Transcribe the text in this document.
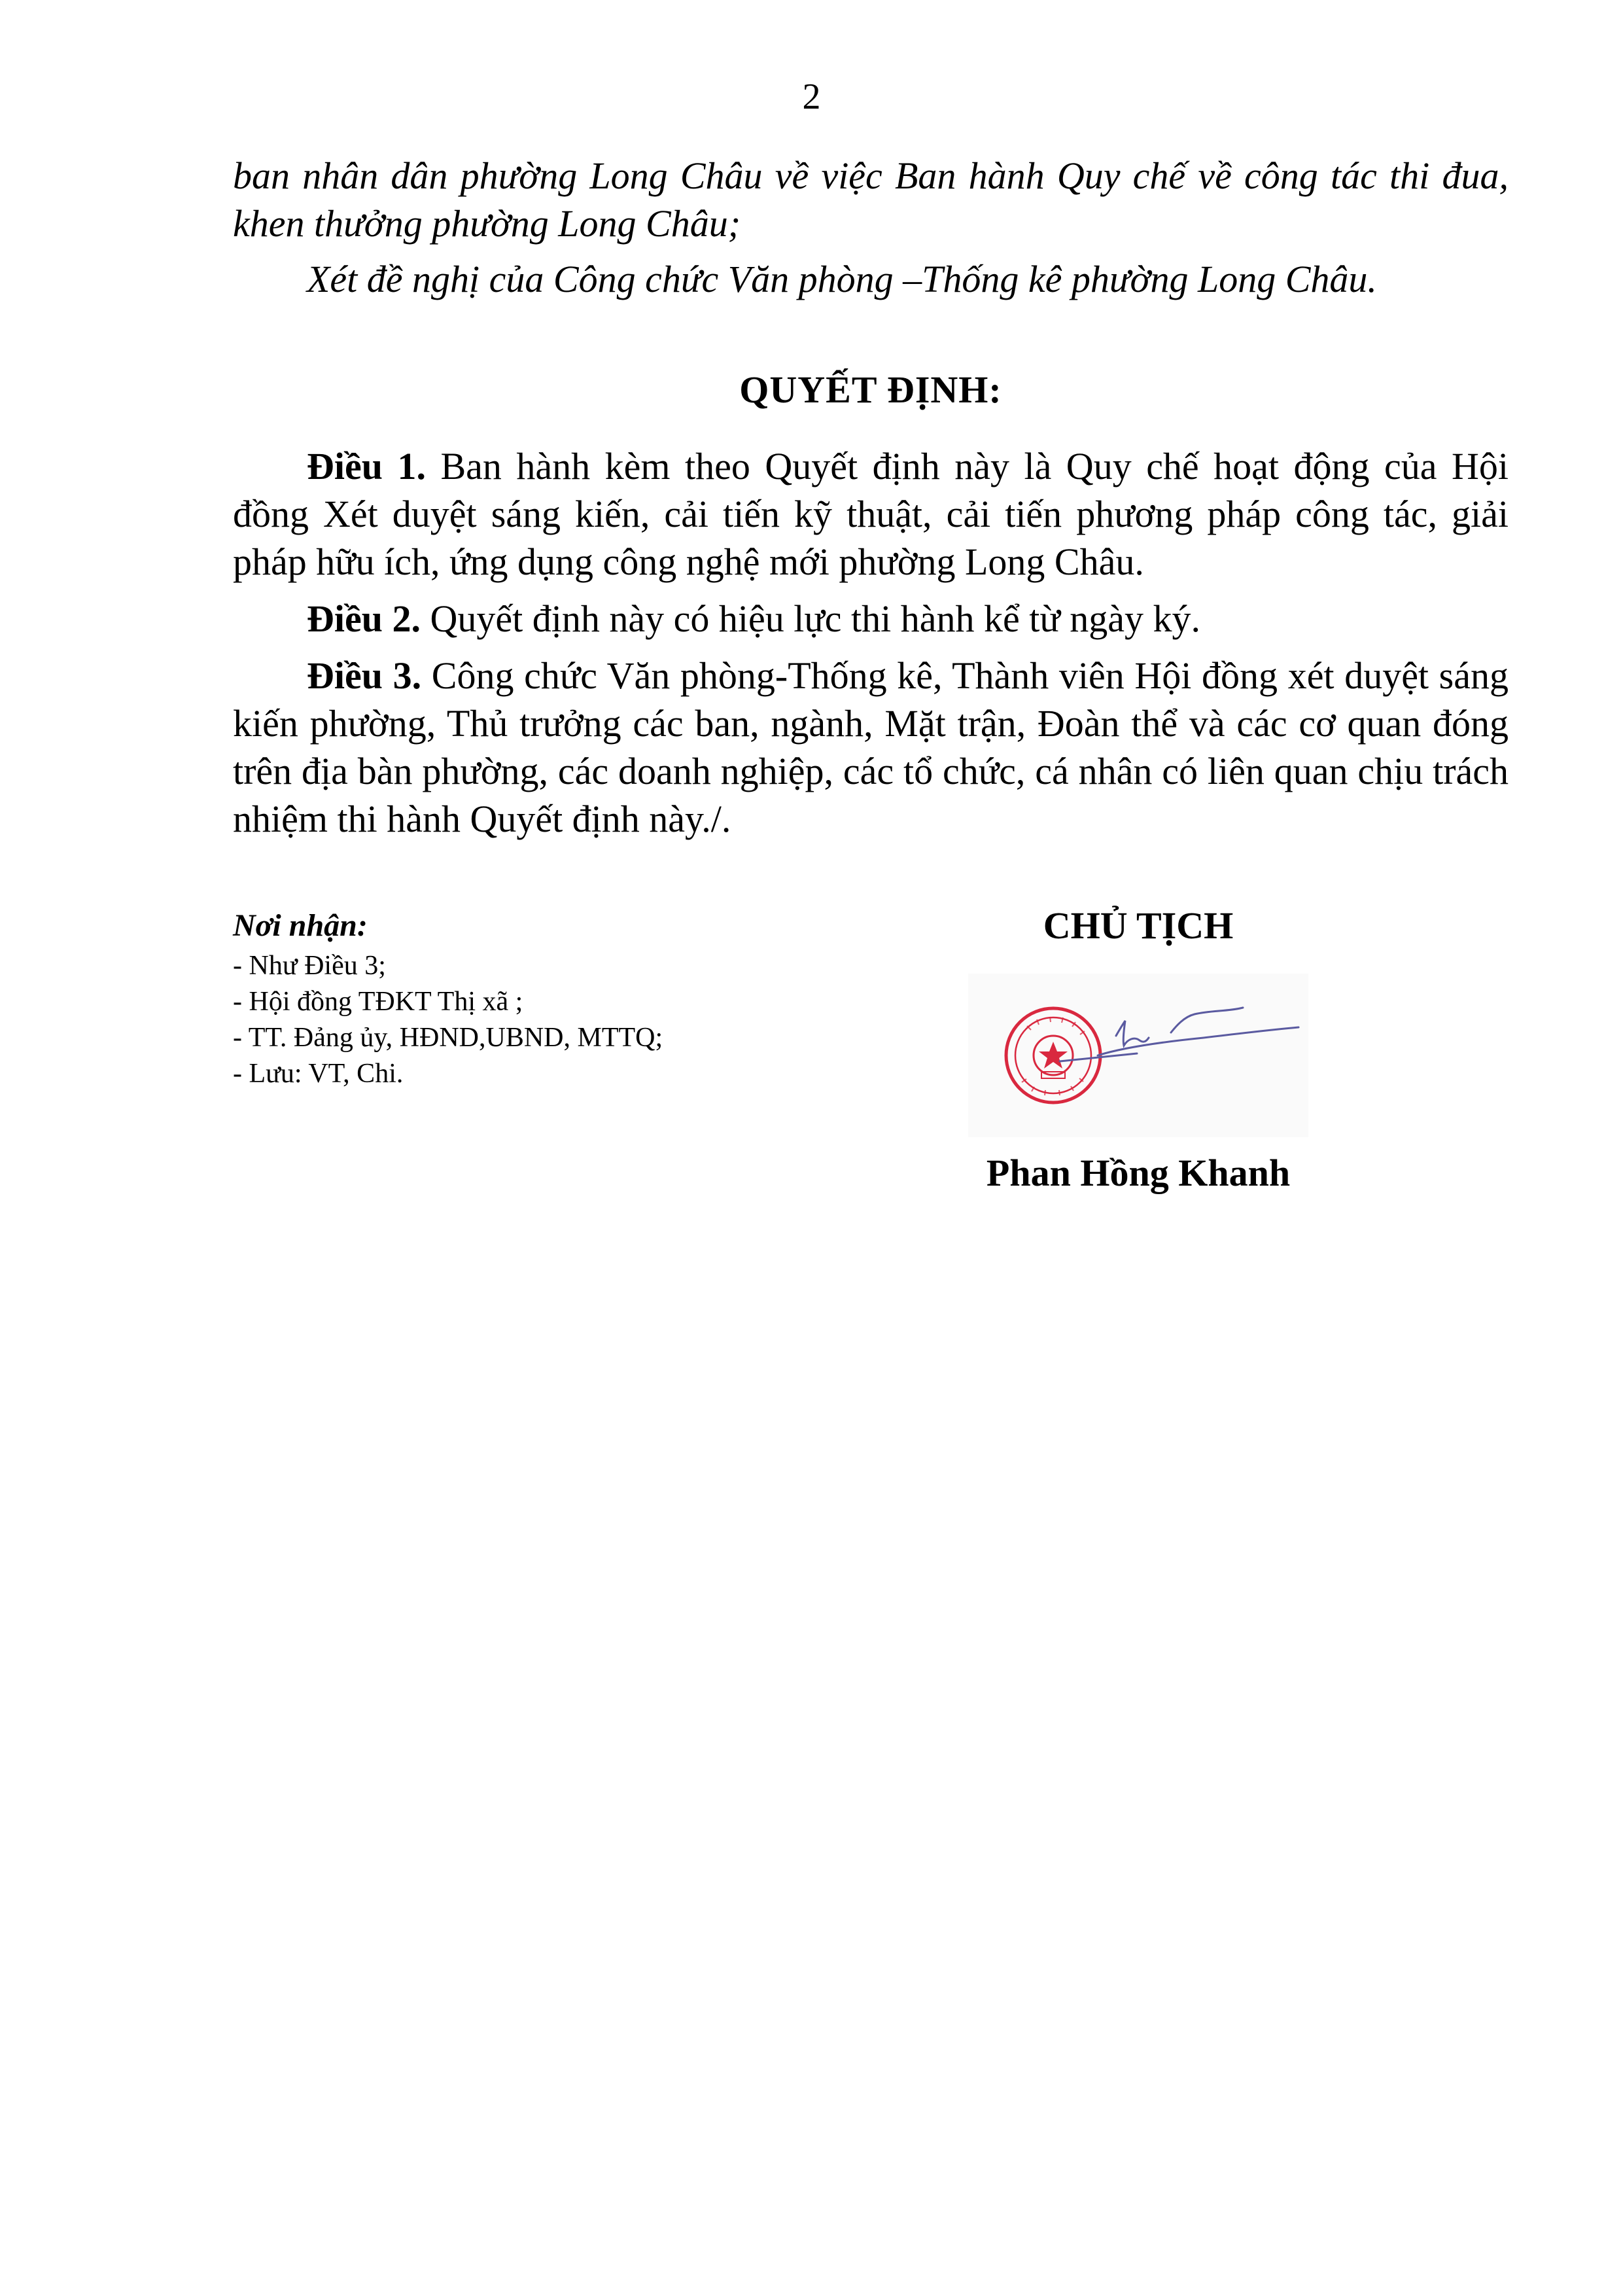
2

ban nhân dân phường Long Châu về việc Ban hành Quy chế về công tác thi đua, khen thưởng phường Long Châu;

Xét đề nghị của Công chức Văn phòng –Thống kê phường Long Châu.

QUYẾT ĐỊNH:

Điều 1. Ban hành kèm theo Quyết định này là Quy chế hoạt động của Hội đồng Xét duyệt sáng kiến, cải tiến kỹ thuật, cải tiến phương pháp công tác, giải pháp hữu ích, ứng dụng công nghệ mới phường Long Châu.

Điều 2. Quyết định này có hiệu lực thi hành kể từ ngày ký.

Điều 3. Công chức Văn phòng-Thống kê, Thành viên Hội đồng xét duyệt sáng kiến phường, Thủ trưởng các ban, ngành, Mặt trận, Đoàn thể và các cơ quan đóng trên địa bàn phường, các doanh nghiệp, các tổ chức, cá nhân có liên quan chịu trách nhiệm thi hành Quyết định này./.

Nơi nhận:
- Như Điều 3;
- Hội đồng TĐKT Thị xã ;
- TT. Đảng ủy, HĐND,UBND, MTTQ;
- Lưu: VT, Chi.
CHỦ TỊCH
Phan Hồng Khanh
